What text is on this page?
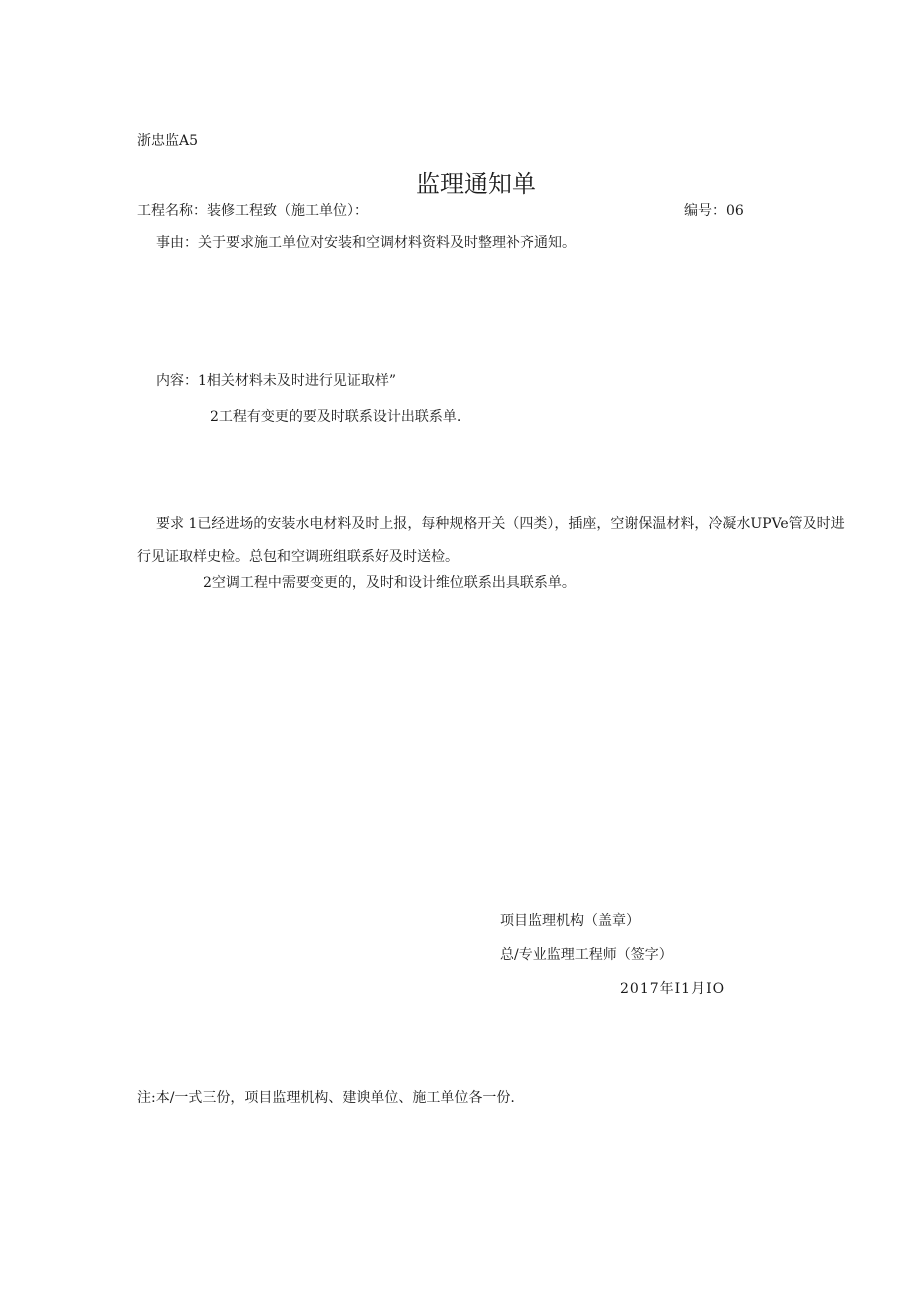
浙忠监A5
监理通知单
工程名称：装修工程致（施工单位）：	编号：06
事由：关于要求施工单位对安装和空调材料资料及时整理补齐通知。
内容：1相关材料未及时进行见证取样”
2工程有变更的要及时联系设计出联系单.
要求 1已经进场的安装水电材料及时上报，每种规格开关（四类），插座，空谢保温材料，冷凝水UPVe管及时进行见证取样史检。总包和空调班组联系好及时送检。
2空调工程中需要变更的，及时和设计维位联系出具联系单。
项目监理机构（盖章）
总/专业监理工程师（签字）
2017年I1月IO
注:本/一式三份，项目监理机构、建谀单位、施工单位各一份.
